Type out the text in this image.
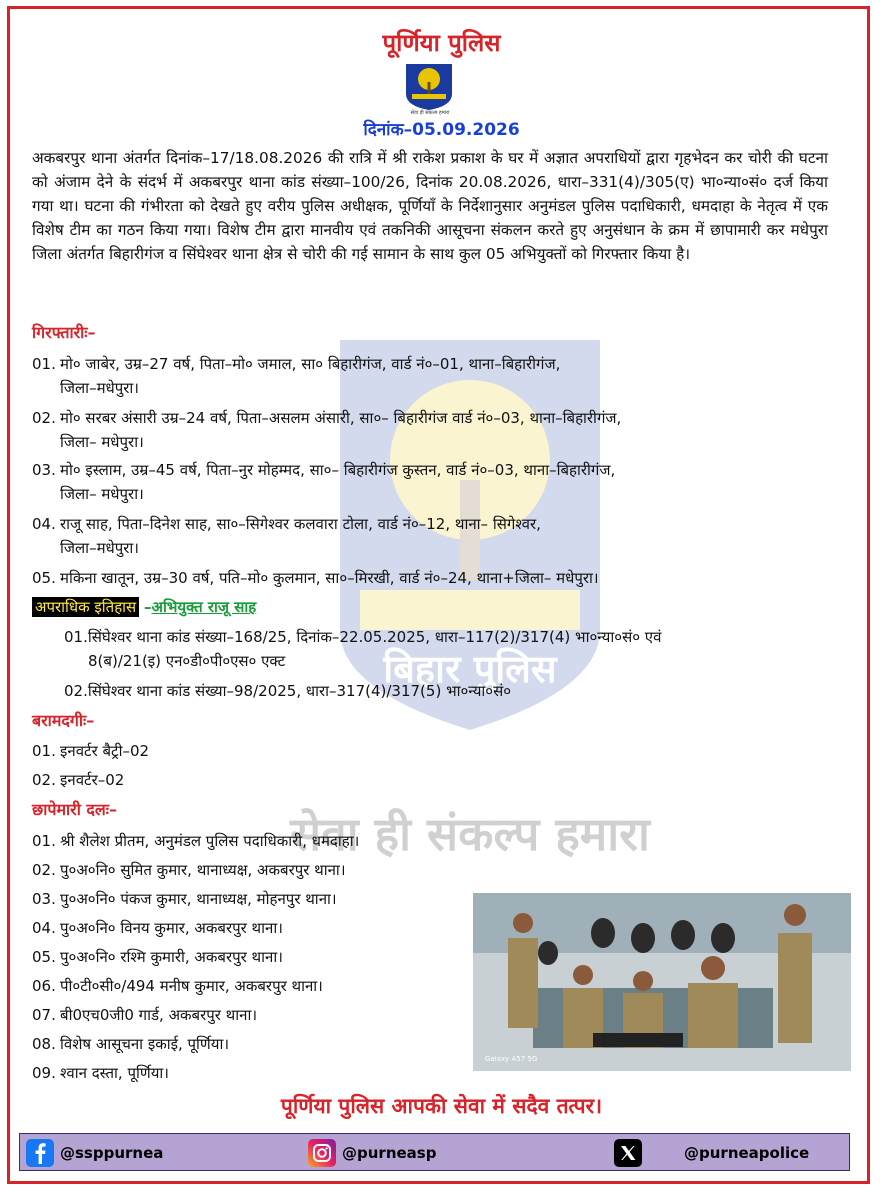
बिहार पुलिस
सेवा ही संकल्प हमारा
पूर्णिया पुलिस
सेवा ही संकल्प हमारा
दिनांक–05.09.2026

अकबरपुर थाना अंतर्गत दिनांक–17/18.08.2026 की रात्रि में श्री राकेश प्रकाश के घर में अज्ञात अपराधियों द्वारा गृहभेदन कर चोरी की घटना को अंजाम देने के संदर्भ में अकबरपुर थाना कांड संख्या–100/26, दिनांक 20.08.2026, धारा–331(4)/305(ए) भा०न्या०सं० दर्ज किया गया था। घटना की गंभीरता को देखते हुए वरीय पुलिस अधीक्षक, पूर्णियाँ के निर्देशानुसार अनुमंडल पुलिस पदाधिकारी, धमदाहा के नेतृत्व में एक विशेष टीम का गठन किया गया। विशेष टीम द्वारा मानवीय एवं तकनिकी आसूचना संकलन करते हुए अनुसंधान के क्रम में छापामारी कर मधेपुरा जिला अंतर्गत बिहारीगंज व सिंघेश्वर थाना क्षेत्र से चोरी की गई सामान के साथ कुल 05 अभियुक्तों को गिरफ्तार किया है।

गिरफ्तारीः–
01. मो० जाबेर, उम्र–27 वर्ष, पिता–मो० जमाल, सा० बिहारीगंज, वार्ड नं०–01, थाना–बिहारीगंज,
जिला–मधेपुरा।
02. मो० सरबर अंसारी उम्र–24 वर्ष, पिता–असलम अंसारी, सा०– बिहारीगंज वार्ड नं०–03, थाना–बिहारीगंज,
जिला– मधेपुरा।
03. मो० इस्लाम, उम्र–45 वर्ष, पिता–नुर मोहम्मद, सा०– बिहारीगंज कुस्तन, वार्ड नं०–03, थाना–बिहारीगंज,
जिला– मधेपुरा।
04. राजू साह, पिता–दिनेश साह, सा०–सिगेश्वर कलवारा टोला, वार्ड नं०–12, थाना– सिगेश्वर,
जिला–मधेपुरा।
05. मकिना खातून, उम्र–30 वर्ष, पति–मो० कुलमान, सा०–मिरखी, वार्ड नं०–24, थाना+जिला– मधेपुरा।
अपराधिक इतिहास –अभियुक्त राजू साह
01.सिंघेश्वर थाना कांड संख्या–168/25, दिनांक–22.05.2025, धारा–117(2)/317(4) भा०न्या०सं० एवं
8(ब)/21(इ) एन०डी०पी०एस० एक्ट
02.सिंघेश्वर थाना कांड संख्या–98/2025, धारा–317(4)/317(5) भा०न्या०सं०
बरामदगीः–
01. इनवर्टर बैट्री–02
02. इनवर्टर–02
छापेमारी दलः–
01. श्री शैलेश प्रीतम, अनुमंडल पुलिस पदाधिकारी, धमदाहा।
02. पु०अ०नि० सुमित कुमार, थानाध्यक्ष, अकबरपुर थाना।
03. पु०अ०नि० पंकज कुमार, थानाध्यक्ष, मोहनपुर थाना।
04. पु०अ०नि० विनय कुमार, अकबरपुर थाना।
05. पु०अ०नि० रश्मि कुमारी, अकबरपुर थाना।
06. पी०टी०सी०/494 मनीष कुमार, अकबरपुर थाना।
07. बी0एच0जी0 गार्ड, अकबरपुर थाना।
08. विशेष आसूचना इकाई, पूर्णिया।
09. श्वान दस्ता, पूर्णिया।
Galaxy A57 5G
पूर्णिया पुलिस आपकी सेवा में सदैव तत्पर।
@ssppurnea	@purneasp	@purneapolice
